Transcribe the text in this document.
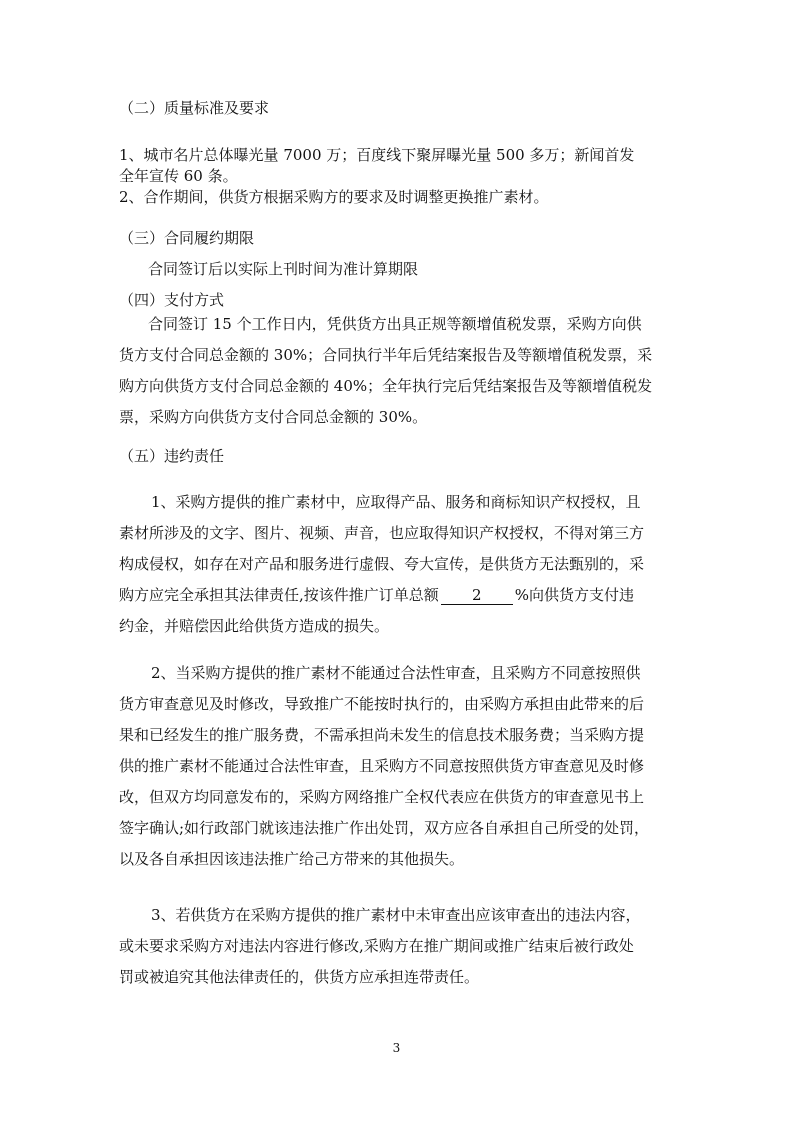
（二）质量标准及要求
1、城市名片总体曝光量 7000 万；百度线下聚屏曝光量 500 多万；新闻首发
全年宣传 60 条。
2、合作期间，供货方根据采购方的要求及时调整更换推广素材。
（三）合同履约期限
合同签订后以实际上刊时间为准计算期限
（四）支付方式
合同签订 15 个工作日内，凭供货方出具正规等额增值税发票，采购方向供
货方支付合同总金额的 30%；合同执行半年后凭结案报告及等额增值税发票，采
购方向供货方支付合同总金额的 40%；全年执行完后凭结案报告及等额增值税发
票，采购方向供货方支付合同总金额的 30%。
（五）违约责任
1、采购方提供的推广素材中，应取得产品、服务和商标知识产权授权，且
素材所涉及的文字、图片、视频、声音，也应取得知识产权授权，不得对第三方
构成侵权，如存在对产品和服务进行虚假、夸大宣传，是供货方无法甄别的，采
购方应完全承担其法律责任,按该件推广订单总额 2 %向供货方支付违
约金，并赔偿因此给供货方造成的损失。
2、当采购方提供的推广素材不能通过合法性审查，且采购方不同意按照供
货方审查意见及时修改，导致推广不能按时执行的，由采购方承担由此带来的后
果和已经发生的推广服务费，不需承担尚未发生的信息技术服务费；当采购方提
供的推广素材不能通过合法性审查，且采购方不同意按照供货方审查意见及时修
改，但双方均同意发布的，采购方网络推广全权代表应在供货方的审查意见书上
签字确认;如行政部门就该违法推广作出处罚，双方应各自承担自己所受的处罚，
以及各自承担因该违法推广给己方带来的其他损失。
3、若供货方在采购方提供的推广素材中未审查出应该审查出的违法内容，
或未要求采购方对违法内容进行修改,采购方在推广期间或推广结束后被行政处
罚或被追究其他法律责任的，供货方应承担连带责任。
3
